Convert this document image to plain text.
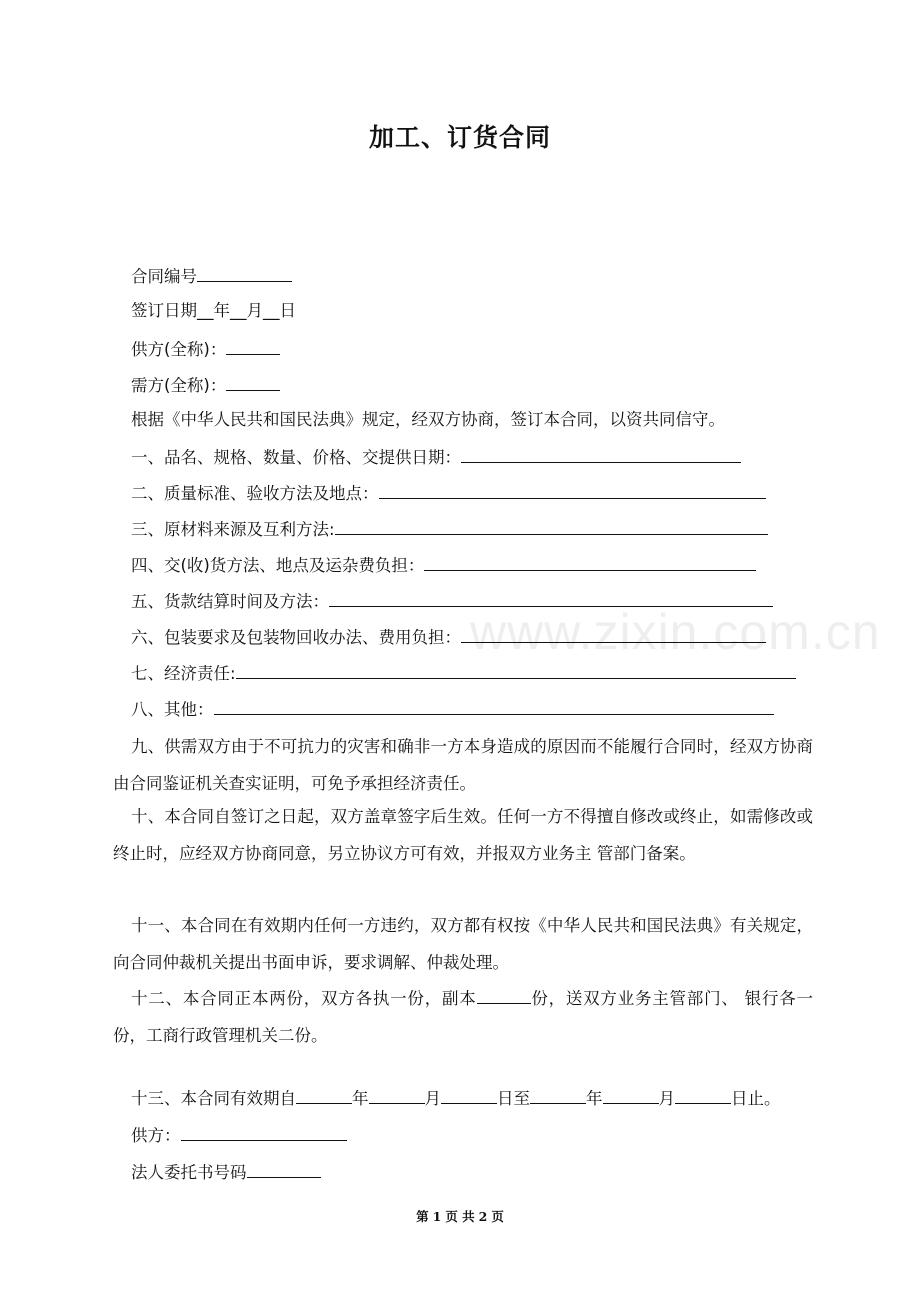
www.zixin.com.cn
加工、订货合同
合同编号
签订日期__年__月__日
供方(全称)：
需方(全称)：
根据《中华人民共和国民法典》规定，经双方协商，签订本合同，以资共同信守。
一、品名、规格、数量、价格、交提供日期：
二、质量标准、验收方法及地点：
三、原材料来源及互利方法:
四、交(收)货方法、地点及运杂费负担：
五、货款结算时间及方法：
六、包装要求及包装物回收办法、费用负担：
七、经济责任:
八、其他：
九、供需双方由于不可抗力的灾害和确非一方本身造成的原因而不能履行合同时，经双方协商由合同鉴证机关查实证明，可免予承担经济责任。
十、本合同自签订之日起，双方盖章签字后生效。任何一方不得擅自修改或终止，如需修改或终止时，应经双方协商同意，另立协议方可有效，并报双方业务主 管部门备案。
十一、本合同在有效期内任何一方违约，双方都有权按《中华人民共和国民法典》有关规定，向合同仲裁机关提出书面申诉，要求调解、仲裁处理。
十二、本合同正本两份，双方各执一份，副本	份，送双方业务主管部门、 银行各一份，工商行政管理机关二份。
十三、本合同有效期自	年	月	日至	年	月	日止。
供方：
法人委托书号码
第 1 页 共 2 页
